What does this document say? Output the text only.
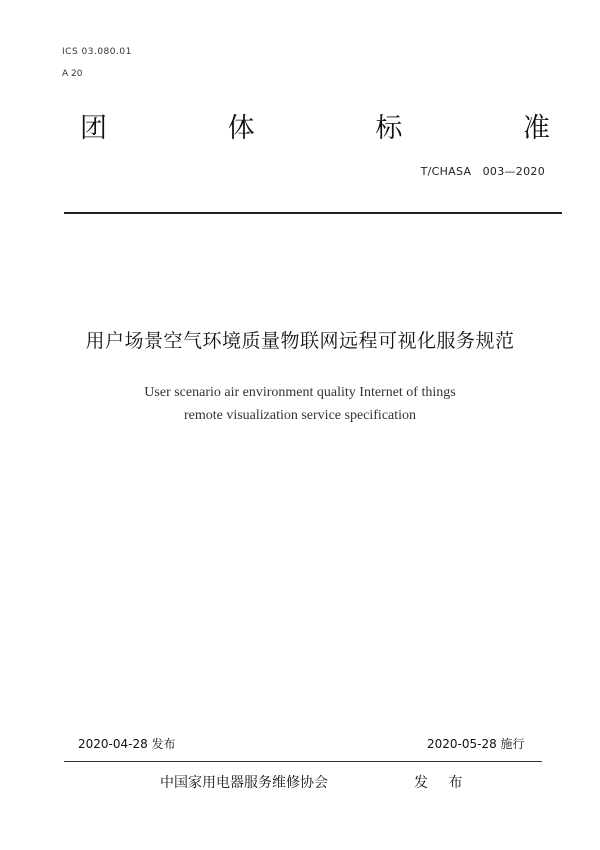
ICS 03.080.01
A 20
团	体	标	准
T/CHASA　003—2020
用户场景空气环境质量物联网远程可视化服务规范
User scenario air environment quality Internet of things
remote visualization service specification
2020-04-28 发布	2020-05-28 施行
中国家用电器服务维修协会	发 布
